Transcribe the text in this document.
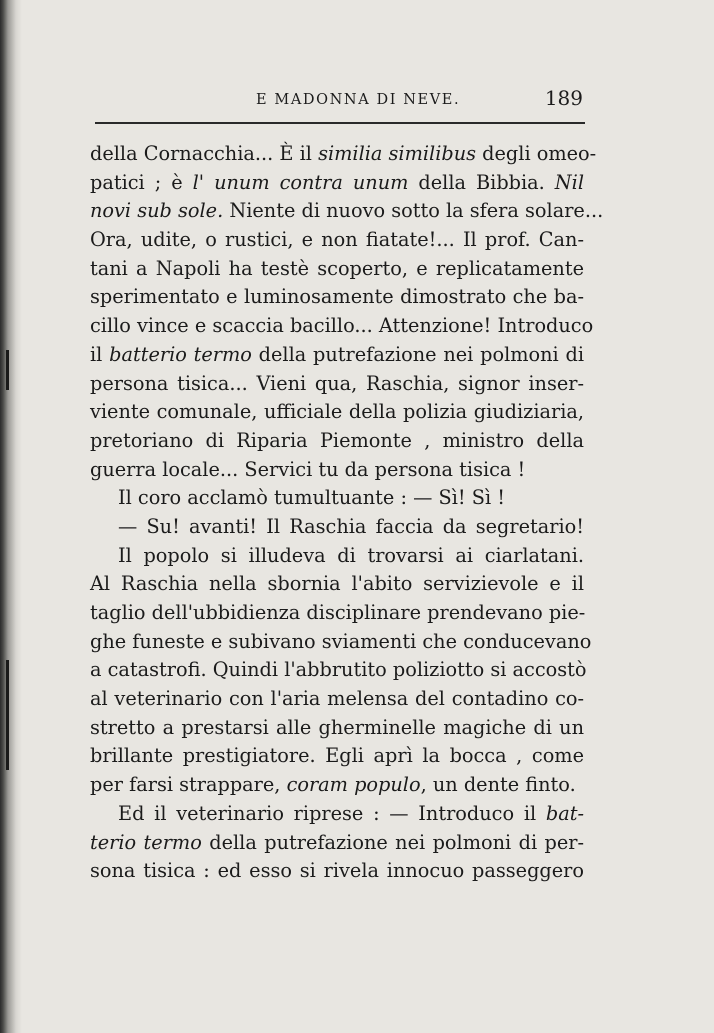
E MADONNA DI NEVE.	189
della Cornacchia... È il similia similibus degli omeo-
patici ; è l' unum contra unum della Bibbia. Nil
novi sub sole. Niente di nuovo sotto la sfera solare...
Ora, udite, o rustici, e non fiatate!... Il prof. Can-
tani a Napoli ha testè scoperto, e replicatamente
sperimentato e luminosamente dimostrato che ba-
cillo vince e scaccia bacillo... Attenzione! Introduco
il batterio termo della putrefazione nei polmoni di
persona tisica... Vieni qua, Raschia, signor inser-
viente comunale, ufficiale della polizia giudiziaria,
pretoriano di Riparia Piemonte , ministro della
guerra locale... Servici tu da persona tisica !
Il coro acclamò tumultuante : — Sì! Sì !
— Su! avanti! Il Raschia faccia da segretario!
Il popolo si illudeva di trovarsi ai ciarlatani.
Al Raschia nella sbornia l'abito servizievole e il
taglio dell'ubbidienza disciplinare prendevano pie-
ghe funeste e subivano sviamenti che conducevano
a catastrofi. Quindi l'abbrutito poliziotto si accostò
al veterinario con l'aria melensa del contadino co-
stretto a prestarsi alle gherminelle magiche di un
brillante prestigiatore. Egli aprì la bocca , come
per farsi strappare, coram populo, un dente finto.
Ed il veterinario riprese : — Introduco il bat-
terio termo della putrefazione nei polmoni di per-
sona tisica : ed esso si rivela innocuo passeggero
